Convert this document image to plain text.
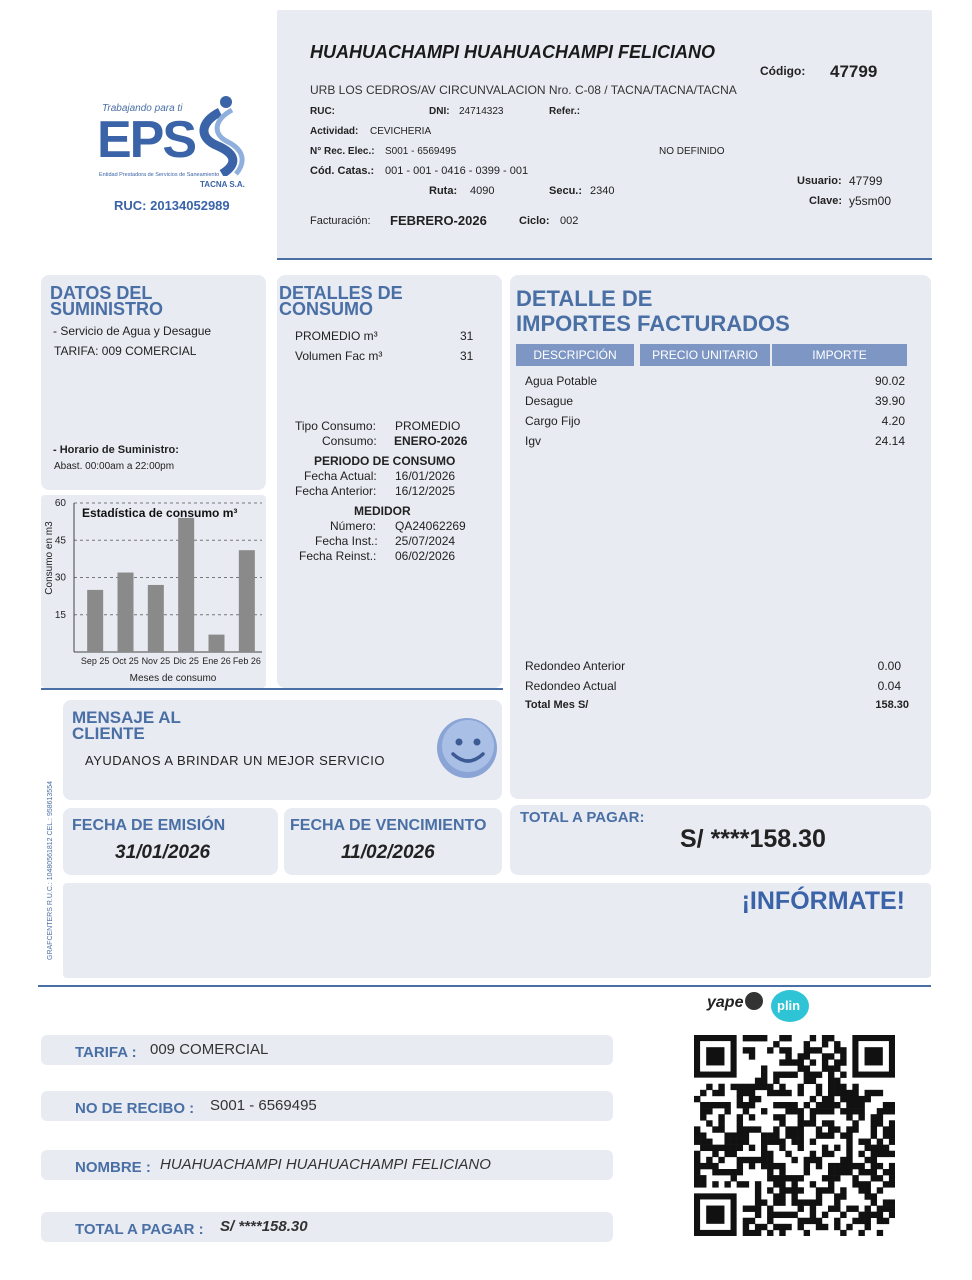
Trabajando para ti
EPS
Entidad Prestadora de Servicios de Saneamiento
TACNA S.A.
RUC: 20134052989
HUAHUACHAMPI HUAHUACHAMPI FELICIANO
Código: 47799
URB LOS CEDROS/AV CIRCUNVALACION Nro. C-08 / TACNA/TACNA/TACNA
RUC:	DNI: 24714323	Refer.:
Actividad: CEVICHERIA
N° Rec. Elec.: S001 - 6569495	NO DEFINIDO
Cód. Catas.: 001 - 001 - 0416 - 0399 - 001
Ruta: 4090	Secu.: 2340
Usuario: 47799
Clave: y5sm00
Facturación: FEBRERO-2026	Ciclo: 002
DATOS DEL
SUMINISTRO
- Servicio de Agua y Desague
TARIFA: 009 COMERCIAL
- Horario de Suministro:
Abast. 00:00am a 22:00pm
15
30
45
60
Sep 25 Oct 25 Nov 25 Dic 25 Ene 26 Feb 26
Estadística de consumo m³
Meses de consumo
Consumo en m3
DETALLES DE
CONSUMO
PROMEDIO m³	31
Volumen Fac m³	31
Tipo Consumo: PROMEDIO
Consumo: ENERO-2026
PERIODO DE CONSUMO
Fecha Actual: 16/01/2026
Fecha Anterior: 16/12/2025
MEDIDOR
Número: QA24062269
Fecha Inst.: 25/07/2024
Fecha Reinst.: 06/02/2026
DETALLE DE
IMPORTES FACTURADOS
Agua Potable	90.02
Desague	39.90
Cargo Fijo	4.20
Igv	24.14
Redondeo Anterior	0.00
Redondeo Actual	0.04
Total Mes S/	158.30
DESCRIPCIÓN	PRECIO UNITARIO	IMPORTE
MENSAJE AL
CLIENTE
AYUDANOS A BRINDAR UN MEJOR SERVICIO
FECHA DE EMISIÓN
31/01/2026
FECHA DE VENCIMIENTO
11/02/2026
TOTAL A PAGAR:
S/ ****158.30
¡INFÓRMATE!
GRAFCENTERS R.U.C.: 10480561812 CEL.: 958613554
yape	plin
TARIFA : 009 COMERCIAL
NO DE RECIBO : S001 - 6569495
NOMBRE : HUAHUACHAMPI HUAHUACHAMPI FELICIANO
TOTAL A PAGAR : S/ ****158.30
